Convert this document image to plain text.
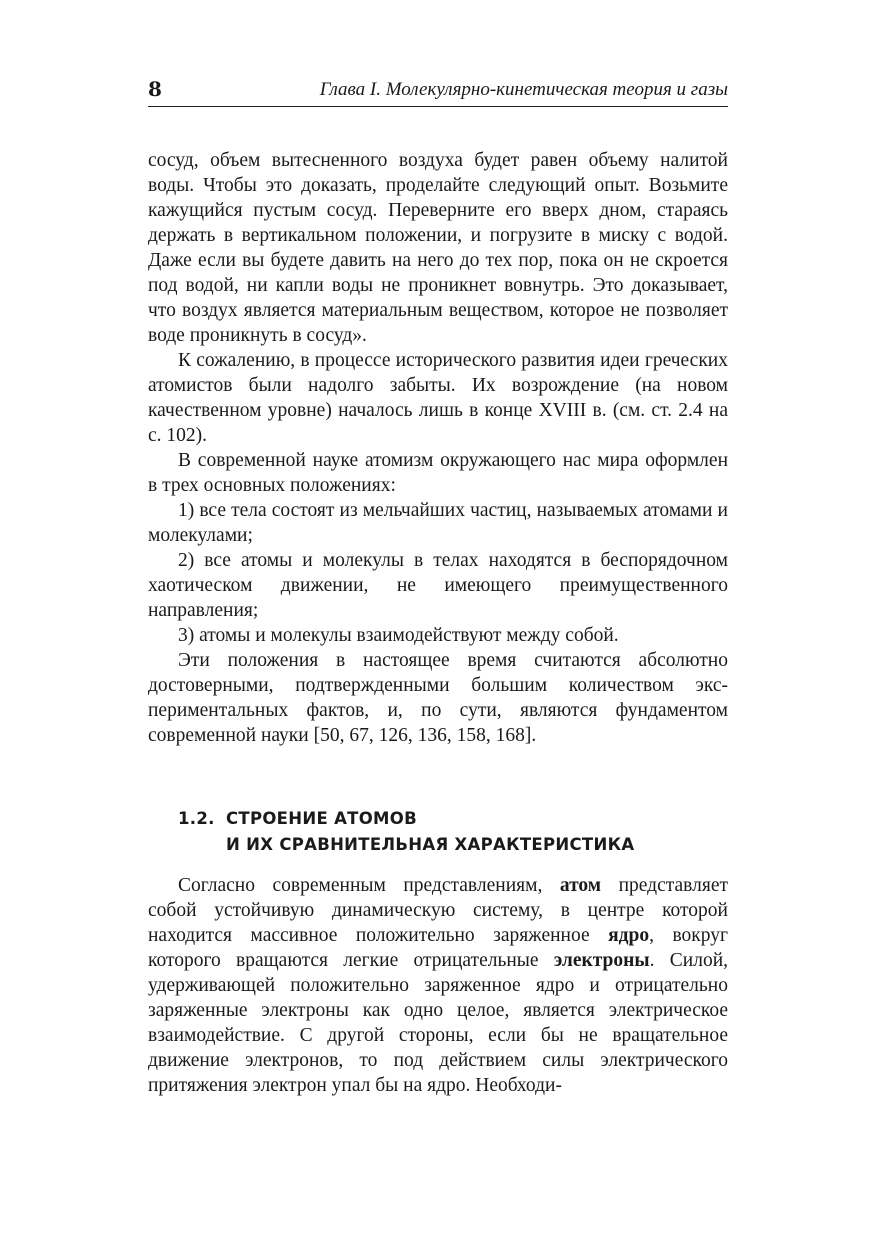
8	Глава I. Молекулярно-кинетическая теория и газы

сосуд, объем вытесненного воздуха будет равен объему налитой воды. Чтобы это доказать, проделайте следующий опыт. Возьмите кажущийся пустым сосуд. Переверните его вверх дном, стараясь держать в вертикальном положении, и погрузите в миску с водой. Даже если вы будете давить на него до тех пор, пока он не скроется под водой, ни капли воды не проникнет вовнутрь. Это доказывает, что воздух является материальным веществом, которое не позволяет воде проникнуть в сосуд».

К сожалению, в процессе исторического развития идеи греческих атомистов были надолго забыты. Их возрождение (на новом качественном уровне) началось лишь в конце XVIII в. (см. ст. 2.4 на с. 102).

В современной науке атомизм окружающего нас мира оформлен в трех основных положениях:

1) все тела состоят из мельчайших частиц, называемых атомами и молекулами;

2) все атомы и молекулы в телах находятся в беспорядочном хаотическом движении, не имеющего преимущественного направления;

3) атомы и молекулы взаимодействуют между собой.

Эти положения в настоящее время считаются абсолютно достоверными, подтвержденными большим количеством экспериментальных фактов, и, по сути, являются фундаментом современной науки [50, 67, 126, 136, 158, 168].

1.2. СТРОЕНИЕ АТОМОВ
И ИХ СРАВНИТЕЛЬНАЯ ХАРАКТЕРИСТИКА

Согласно современным представлениям, атом представляет собой устойчивую динамическую систему, в центре которой находится массивное положительно заряженное ядро, вокруг которого вращаются легкие отрицательные электроны. Силой, удерживающей положительно заряженное ядро и отрицательно заряженные электроны как одно целое, является электрическое взаимодействие. С другой стороны, если бы не вращательное движение электронов, то под действием силы электрического притяжения электрон упал бы на ядро. Необходи-
